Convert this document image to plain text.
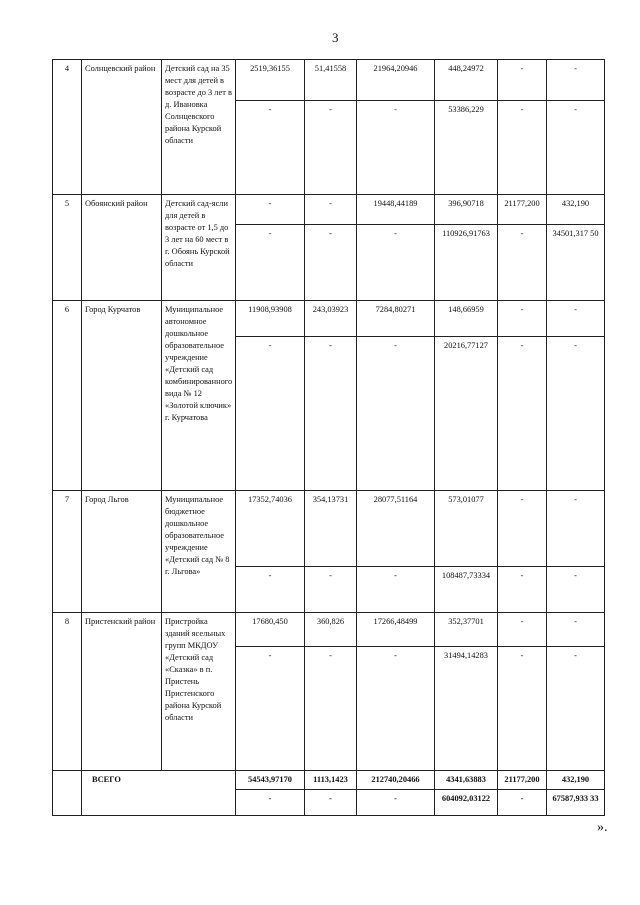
3
4	Солнцевский район	Детский сад на 35 мест для детей в возрасте до 3 лет в д. Ивановка Солнцевского района Курской области	2519,36155	51,41558	21964,20946	448,24972	-	-
			-	-	-	53386,229	-	-
5	Обоянский район	Детский сад-ясли для детей в возрасте от 1,5 до 3 лет на 60 мест в г. Обоянь Курской области	-	-	19448,44189	396,90718	21177,200	432,190
			-	-	-	110926,91763	-	34501,317 50
6	Город Курчатов	Муниципальное автономное дошкольное образовательное учреждение «Детский сад комбинированного вида № 12 «Золотой ключик» г. Курчатова	11908,93908	243,03923	7284,80271	148,66959	-	-
			-	-	-	20216,77127	-	-
7	Город Льгов	Муниципальное бюджетное дошкольное образовательное учреждение «Детский сад № 8 г. Льгова»	17352,74036	354,13731	28077,51164	573,01077	-	-
			-	-	-	108487,73334	-	-
8	Пристенский район	Пристройка зданий ясельных групп МКДОУ «Детский сад «Сказка» в п. Пристень Пристенского района Курской области	17680,450	360,826	17266,48499	352,37701	-	-
			-	-	-	31494,14283	-	-
	ВСЕГО		54543,97170	1113,1423	212740,20466	4341,63883	21177,200	432,190
			-	-	-	604092,03122	-	67587,933 33
».
